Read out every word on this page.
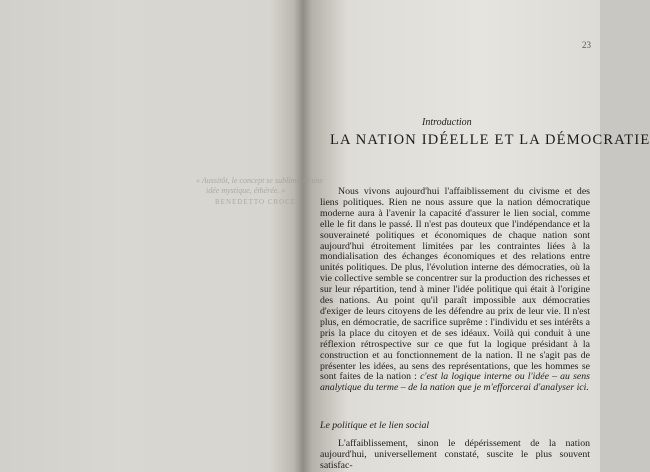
« Aussitôt, le concept se sublime en une
idée mystique, éthérée. »
BENEDETTO CROCE
23
Introduction
LA NATION IDÉELLE ET LA DÉMOCRATIE
Nous vivons aujourd'hui l'affaiblissement du civisme et des liens politiques. Rien ne nous assure que la nation démocratique moderne aura à l'avenir la capacité d'assurer le lien social, comme elle le fit dans le passé. Il n'est pas douteux que l'indépendance et la souveraineté politiques et économiques de chaque nation sont aujourd'hui étroitement limitées par les contraintes liées à la mondialisation des échanges économiques et des relations entre unités politiques. De plus, l'évolution interne des démocraties, où la vie collective semble se concentrer sur la production des richesses et sur leur répartition, tend à miner l'idée politique qui était à l'origine des nations. Au point qu'il paraît impossible aux démocraties d'exiger de leurs citoyens de les défendre au prix de leur vie. Il n'est plus, en démocratie, de sacrifice suprême : l'individu et ses intérêts a pris la place du citoyen et de ses idéaux. Voilà qui conduit à une réflexion rétrospective sur ce que fut la logique présidant à la construction et au fonctionnement de la nation. Il ne s'agit pas de présenter les idées, au sens des représentations, que les hommes se sont faites de la nation : c'est la logique interne ou l'idée – au sens analytique du terme – de la nation que je m'efforcerai d'analyser ici.
Le politique et le lien social
L'affaiblissement, sinon le dépérissement de la nation aujourd'hui, universellement constaté, suscite le plus souvent satisfac-
